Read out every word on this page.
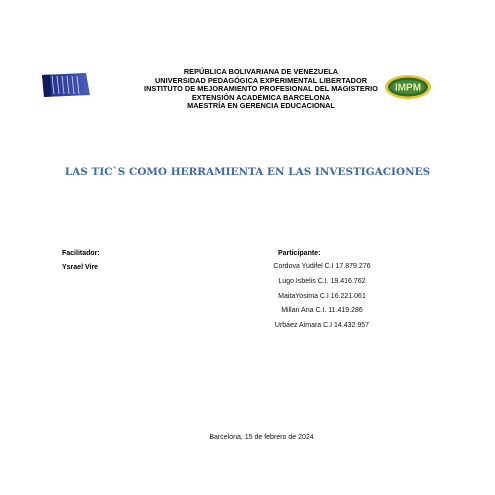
REPÚBLICA BOLIVARIANA DE VENEZUELA
UNIVERSIDAD PEDAGÓGICA EXPERIMENTAL LIBERTADOR
INSTITUTO DE MEJORAMIENTO PROFESIONAL DEL MAGISTERIO
EXTENSIÓN ACADÉMICA BARCELONA
MAESTRÍA EN GERENCIA EDUCACIONAL
IMPM
LAS TIC`S COMO HERRAMIENTA EN LAS INVESTIGACIONES
Facilitador:
Ysrael Vire
Participante:
Cordova Yudifel C.I 17.879.276
Lugo Isbelis C.I. 19.416.762
MaitaYosima C.I 16.221.061
Millan Ana C.I. 11.419.286
Urbáez Aimara C.I 14.432.957
Barcelona, 15 de febrero de 2024
